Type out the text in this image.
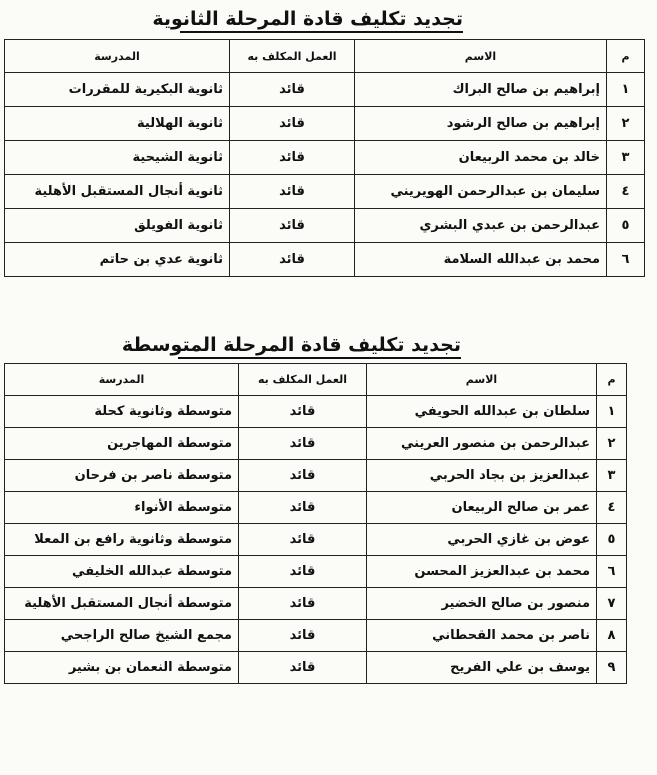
تجديد تكليف قادة المرحلة الثانوية
م	الاسم	العمل المكلف به	المدرسة
١	إبراهيم بن صالح البراك	قائد	ثانوية البكيرية للمقررات
٢	إبراهيم بن صالح الرشود	قائد	ثانوية الهلالية
٣	خالد بن محمد الربيعان	قائد	ثانوية الشيحية
٤	سليمان بن عبدالرحمن الهويريني	قائد	ثانوية أنجال المستقبل الأهلية
٥	عبدالرحمن بن عبدي البشري	قائد	ثانوية الفويلق
٦	محمد بن عبدالله السلامة	قائد	ثانوية عدي بن حاتم
تجديد تكليف قادة المرحلة المتوسطة
م	الاسم	العمل المكلف به	المدرسة
١	سلطان بن عبدالله الحويفي	قائد	متوسطة وثانوية كحلة
٢	عبدالرحمن بن منصور العريني	قائد	متوسطة المهاجرين
٣	عبدالعزيز بن بجاد الحربي	قائد	متوسطة ناصر بن فرحان
٤	عمر بن صالح الربيعان	قائد	متوسطة الأنواء
٥	عوض بن غازي الحربي	قائد	متوسطة وثانوية رافع بن المعلا
٦	محمد بن عبدالعزيز المحسن	قائد	متوسطة عبدالله الخليفي
٧	منصور بن صالح الخضير	قائد	متوسطة أنجال المستقبل الأهلية
٨	ناصر بن محمد القحطاني	قائد	مجمع الشيخ صالح الراجحي
٩	يوسف بن علي الفريح	قائد	متوسطة النعمان بن بشير
